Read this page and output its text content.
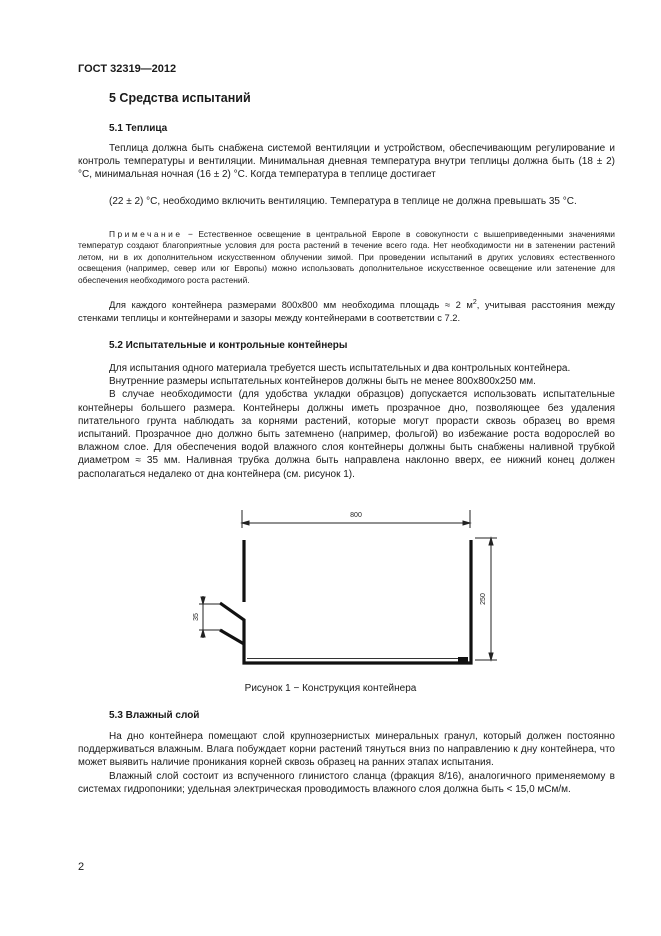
ГОСТ 32319—2012
5 Средства испытаний
5.1 Теплица

Теплица должна быть снабжена системой вентиляции и устройством, обеспечивающим регулирование и контроль температуры и вентиляции. Минимальная дневная температура внутри теплицы должна быть (18 ± 2) °C, минимальная ночная (16 ± 2) °C. Когда температура в теплице достигает

(22 ± 2) °C, необходимо включить вентиляцию. Температура в теплице не должна превышать 35 °C.

Примечание − Естественное освещение в центральной Европе в совокупности с вышеприведенными значениями температур создают благоприятные условия для роста растений в течение всего года. Нет необходимости ни в затенении растений летом, ни в их дополнительном искусственном облучении зимой. При проведении испытаний в других условиях естественного освещения (например, север или юг Европы) можно использовать дополнительное искусственное освещение или затенение для обеспечения необходимого роста растений.

Для каждого контейнера размерами 800х800 мм необходима площадь ≈ 2 $м^2$, учитывая расстояния между стенками теплицы и контейнерами и зазоры между контейнерами в соответствии с 7.2.

5.2 Испытательные и контрольные контейнеры

Для испытания одного материала требуется шесть испытательных и два контрольных контейнера.

Внутренние размеры испытательных контейнеров должны быть не менее 800х800х250 мм.

В случае необходимости (для удобства укладки образцов) допускается использовать испытательные контейнеры большего размера. Контейнеры должны иметь прозрачное дно, позволяющее без удаления питательного грунта наблюдать за корнями растений, которые могут прорасти сквозь образец во время испытаний. Прозрачное дно должно быть затемнено (например, фольгой) во избежание роста водорослей во влажном слое. Для обеспечения водой влажного слоя контейнеры должны быть снабжены наливной трубкой диаметром ≈ 35 мм. Наливная трубка должна быть направлена наклонно вверх, ее нижний конец должен располагаться недалеко от дна контейнера (см. рисунок 1).

800
250
35
Рисунок 1 − Конструкция контейнера
5.3 Влажный слой

На дно контейнера помещают слой крупнозернистых минеральных гранул, который должен постоянно поддерживаться влажным. Влага побуждает корни растений тянуться вниз по направлению к дну контейнера, что может выявить наличие проникания корней сквозь образец на ранних этапах испытания.

Влажный слой состоит из вспученного глинистого сланца (фракция 8/16), аналогичного применяемому в системах гидропоники; удельная электрическая проводимость влажного слоя должна быть < 15,0 мСм/м.

2
